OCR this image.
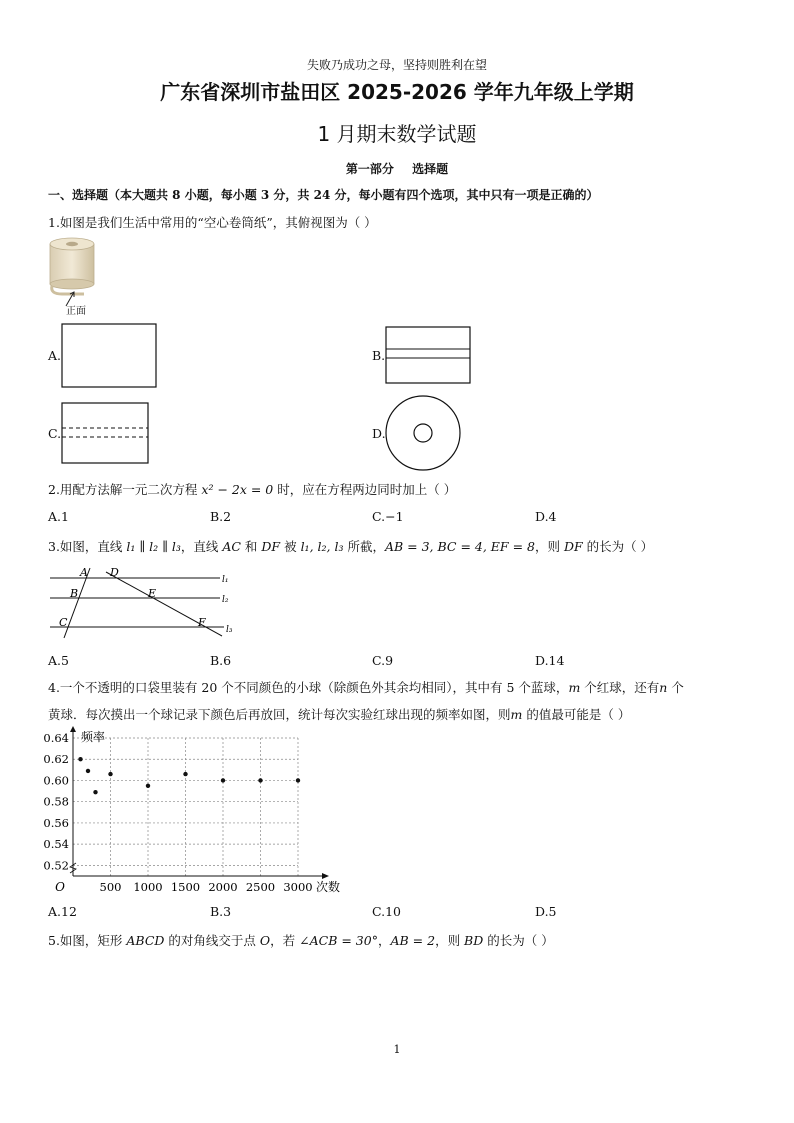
失败乃成功之母，坚持则胜利在望
广东省深圳市盐田区 2025-2026 学年九年级上学期
1 月期末数学试题
第一部分 选择题
一、选择题（本大题共 8 小题，每小题 3 分，共 24 分，每小题有四个选项，其中只有一项是正确的）
1.如图是我们生活中常用的“空心卷筒纸”，其俯视图为（ ）
正面
A.	B.
C.	D.
2.用配方法解一元二次方程 x² − 2x = 0 时，应在方程两边同时加上（ ）
A.1	B.2	C.−1	D.4
3.如图，直线 l₁ ∥ l₂ ∥ l₃，直线 AC 和 DF 被 l₁, l₂, l₃ 所截，AB = 3, BC = 4, EF = 8，则 DF 的长为（ ）
A D
B	E
C	F
l₁
l₂
l₃
A.5	B.6	C.9	D.14
4.一个不透明的口袋里装有 20 个不同颜色的小球（除颜色外其余均相同），其中有 5 个蓝球，m 个红球，还有n 个
黄球．每次摸出一个球记录下颜色后再放回，统计每次实验红球出现的频率如图，则m 的值最可能是（ ）
0.52
0.54
0.56
0.58
0.60
0.62
0.64
500 1000 1500 2000 2500 3000
O
频率
次数
A.12	B.3	C.10	D.5
5.如图，矩形 ABCD 的对角线交于点 O，若 ∠ACB = 30°，AB = 2，则 BD 的长为（ ）
1
